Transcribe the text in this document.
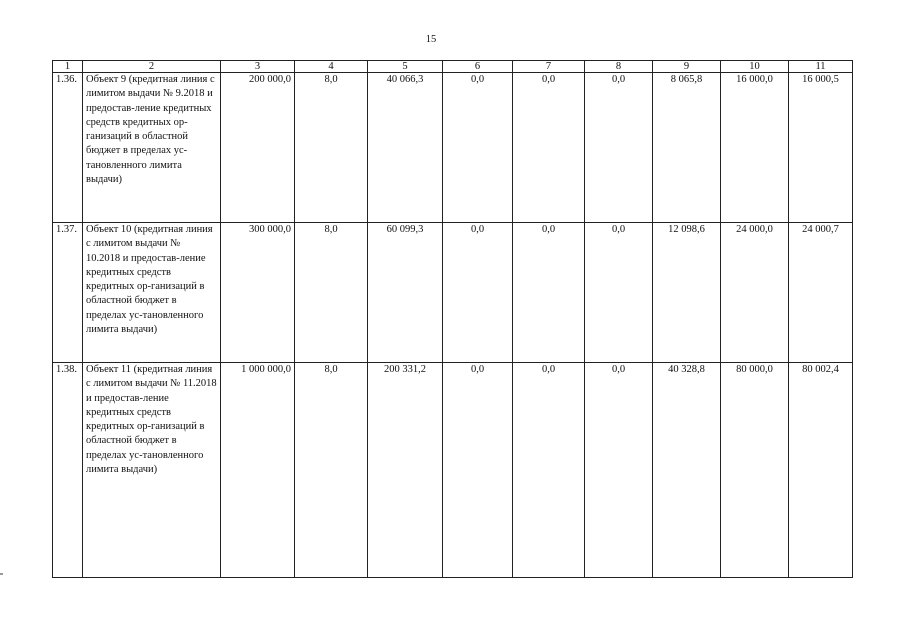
15
1	2	3	4	5	6	7	8	9	10	11
1.36.	Объект 9 (кредитная линия с лимитом выдачи № 9.2018 и предостав-ление кредитных средств кредитных ор-ганизаций в областной бюджет в пределах ус-тановленного лимита выдачи)	200 000,0	8,0	40 066,3	0,0	0,0	0,0	8 065,8	16 000,0	16 000,5
1.37.	Объект 10 (кредитная линия с лимитом выдачи № 10.2018 и предостав-ление кредитных средств кредитных ор-ганизаций в областной бюджет в пределах ус-тановленного лимита выдачи)	300 000,0	8,0	60 099,3	0,0	0,0	0,0	12 098,6	24 000,0	24 000,7
1.38.	Объект 11 (кредитная линия с лимитом выдачи № 11.2018 и предостав-ление кредитных средств кредитных ор-ганизаций в областной бюджет в пределах ус-тановленного лимита выдачи)	1 000 000,0	8,0	200 331,2	0,0	0,0	0,0	40 328,8	80 000,0	80 002,4
